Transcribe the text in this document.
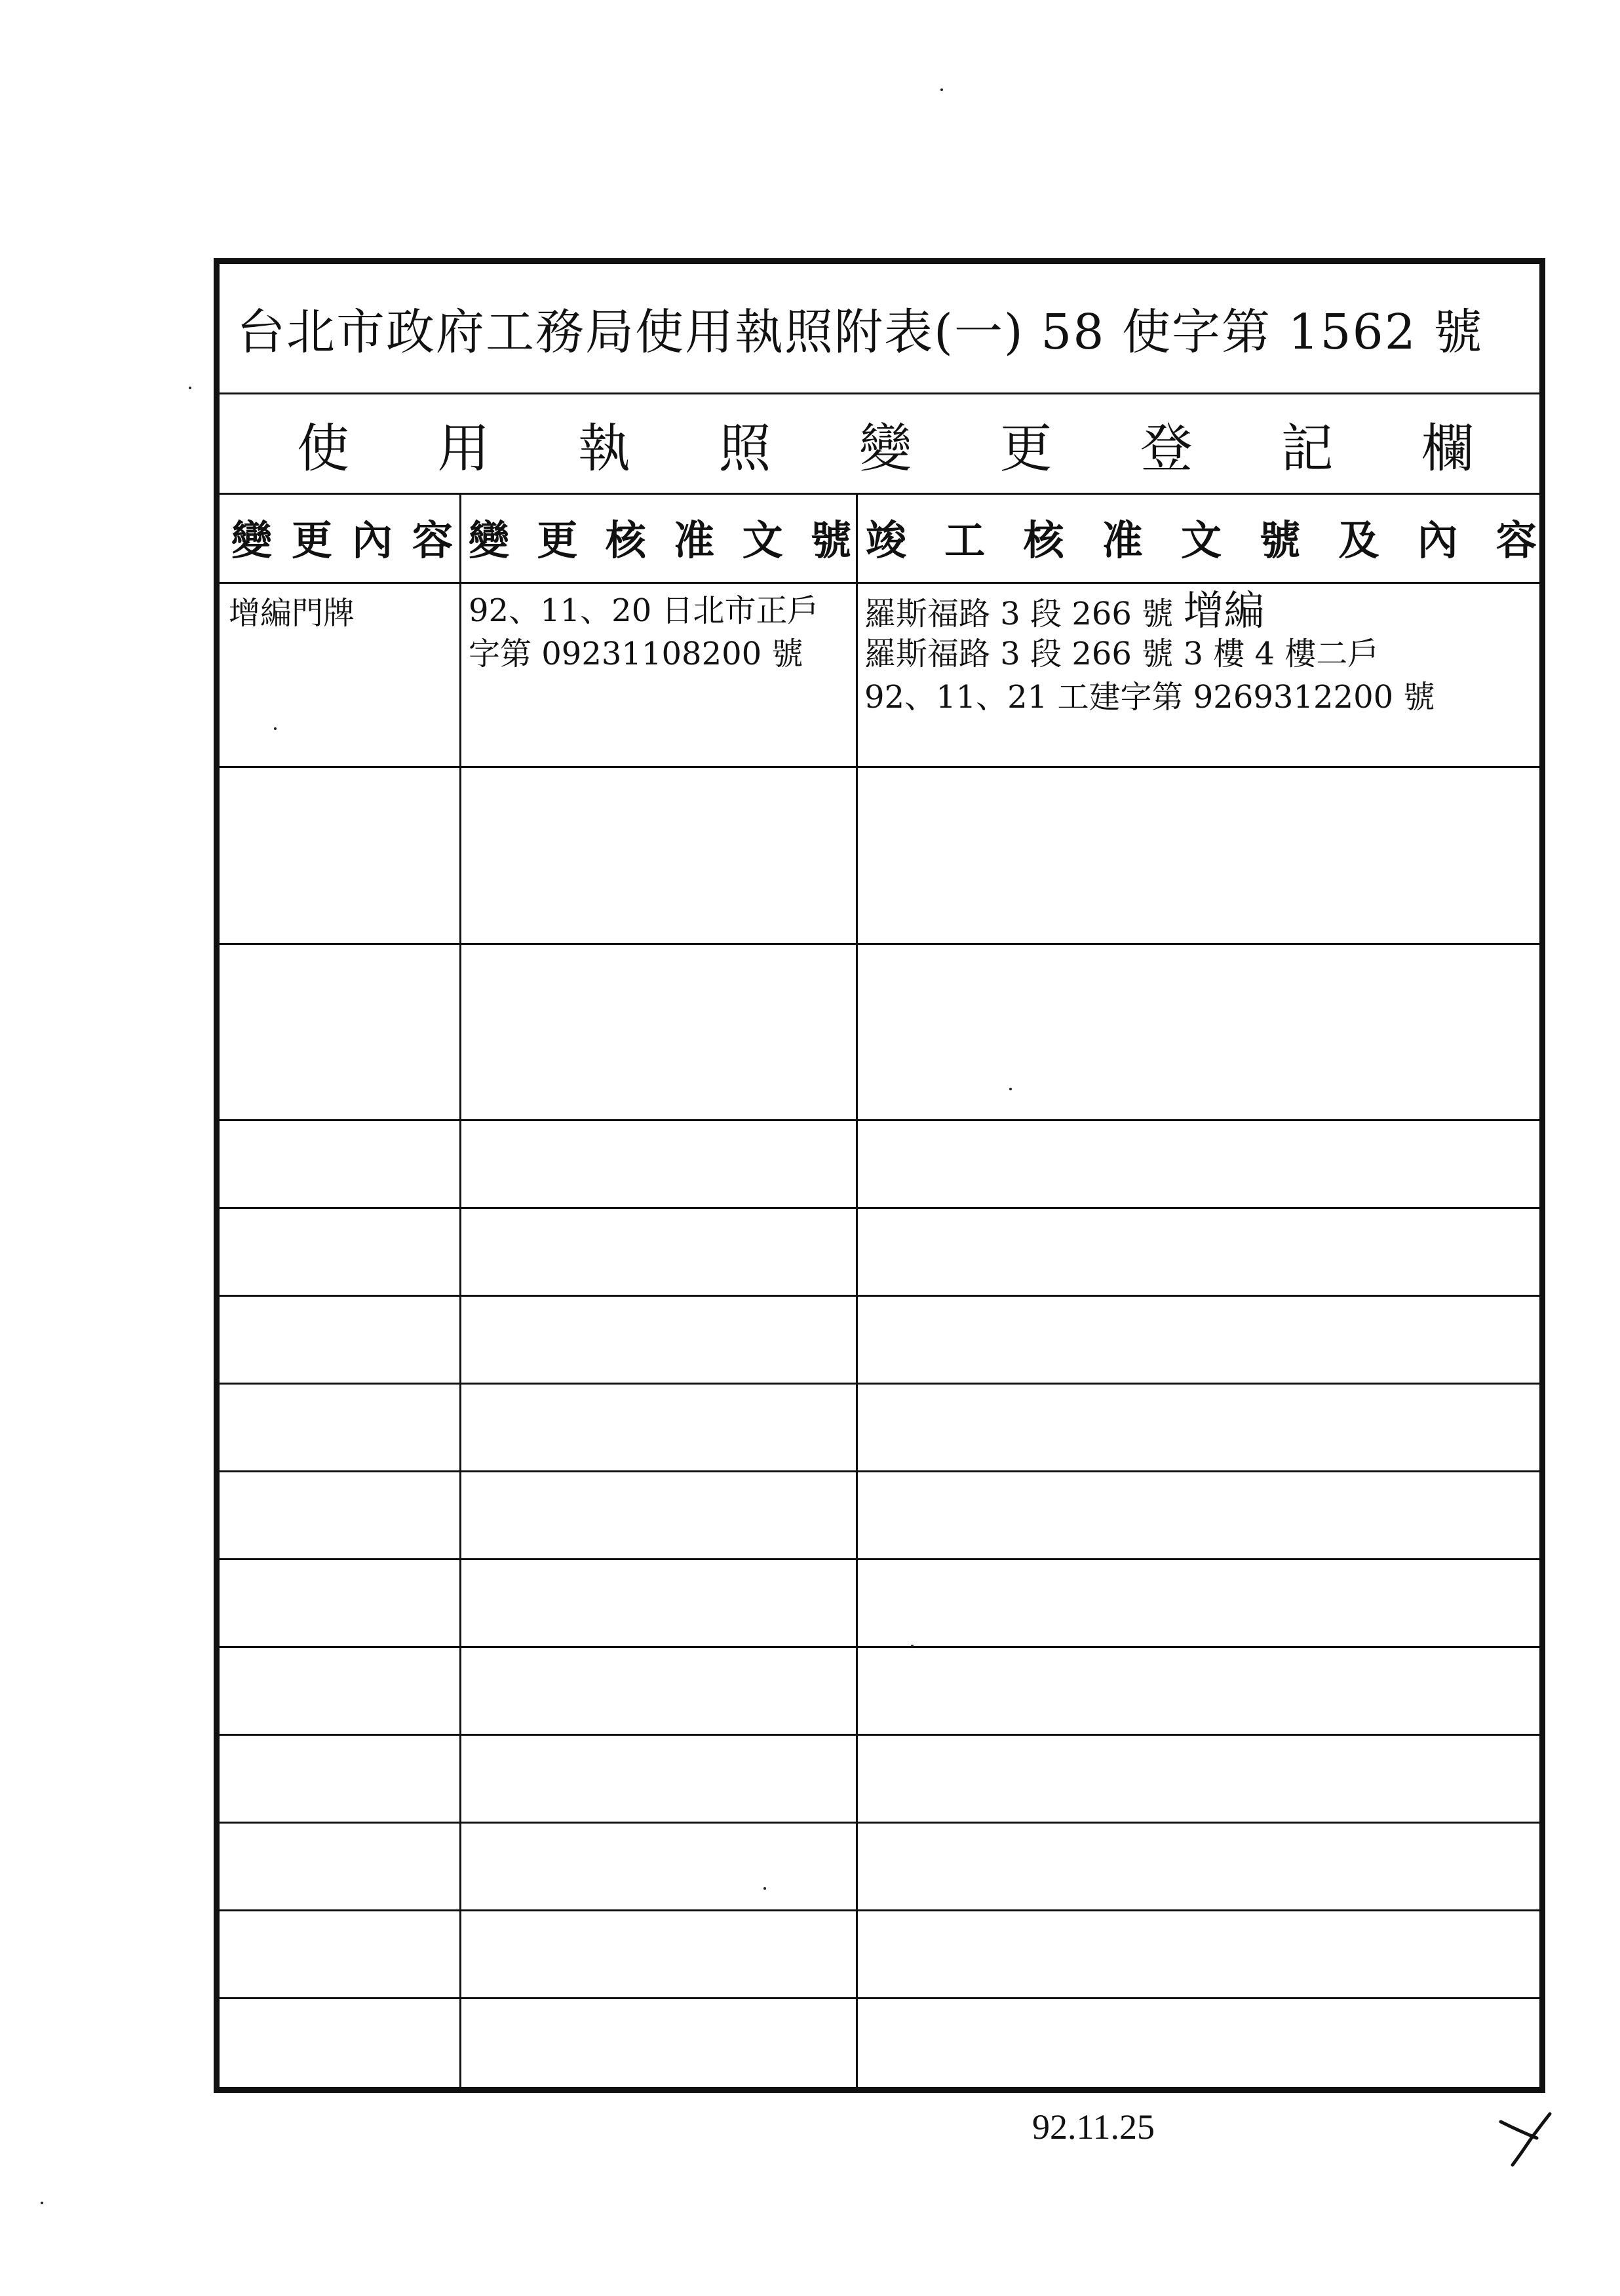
台北市政府工務局使用執照附表(一) 58 使字第 1562 號
使 用 執 照 變 更 登 記 欄
變 更 內 容 變 更 核 准 文 號 竣 工 核 准 文 號 及 內 容
增編門牌	92、11、20 日北市正戶
字第 09231108200 號
羅斯福路 3 段 266 號 增編
羅斯福路 3 段 266 號 3 樓 4 樓二戶
92、11、21 工建字第 9269312200 號
92.11.25
